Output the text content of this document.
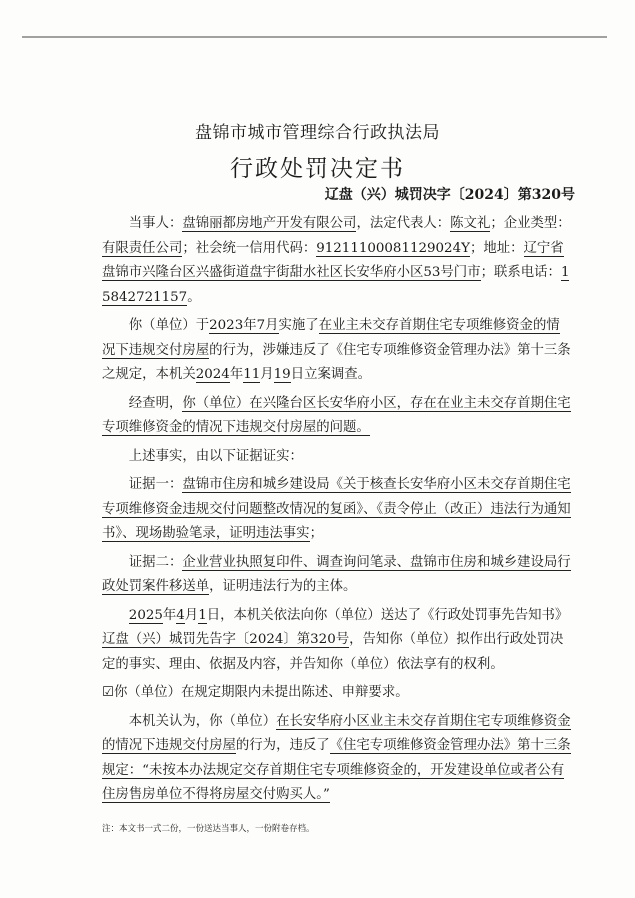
盘锦市城市管理综合行政执法局
行政处罚决定书
辽盘（兴）城罚决字〔2024〕第320号

当事人：盘锦丽都房地产开发有限公司，法定代表人：陈文礼；企业类型：有限责任公司；社会统一信用代码：91211100081129024Y；地址：辽宁省盘锦市兴隆台区兴盛街道盘宇街甜水社区长安华府小区53号门市；联系电话：15842721157。

你（单位）于2023年7月实施了在业主未交存首期住宅专项维修资金的情况下违规交付房屋的行为，涉嫌违反了《住宅专项维修资金管理办法》第十三条之规定，本机关2024年11月19日立案调查。

经查明，你（单位）在兴隆台区长安华府小区，存在在业主未交存首期住宅专项维修资金的情况下违规交付房屋的问题。

上述事实，由以下证据证实：

证据一：盘锦市住房和城乡建设局《关于核查长安华府小区未交存首期住宅专项维修资金违规交付问题整改情况的复函》、《责令停止（改正）违法行为通知书》、现场勘验笔录，证明违法事实；

证据二：企业营业执照复印件、调查询问笔录、盘锦市住房和城乡建设局行政处罚案件移送单，证明违法行为的主体。

2025年4月1日，本机关依法向你（单位）送达了《行政处罚事先告知书》辽盘（兴）城罚先告字〔2024〕第320号，告知你（单位）拟作出行政处罚决定的事实、理由、依据及内容，并告知你（单位）依法享有的权利。

☑你（单位）在规定期限内未提出陈述、申辩要求。

本机关认为，你（单位）在长安华府小区业主未交存首期住宅专项维修资金的情况下违规交付房屋的行为，违反了《住宅专项维修资金管理办法》第十三条规定：“未按本办法规定交存首期住宅专项维修资金的，开发建设单位或者公有住房售房单位不得将房屋交付购买人。”

注：本文书一式二份，一份送达当事人，一份附卷存档。
